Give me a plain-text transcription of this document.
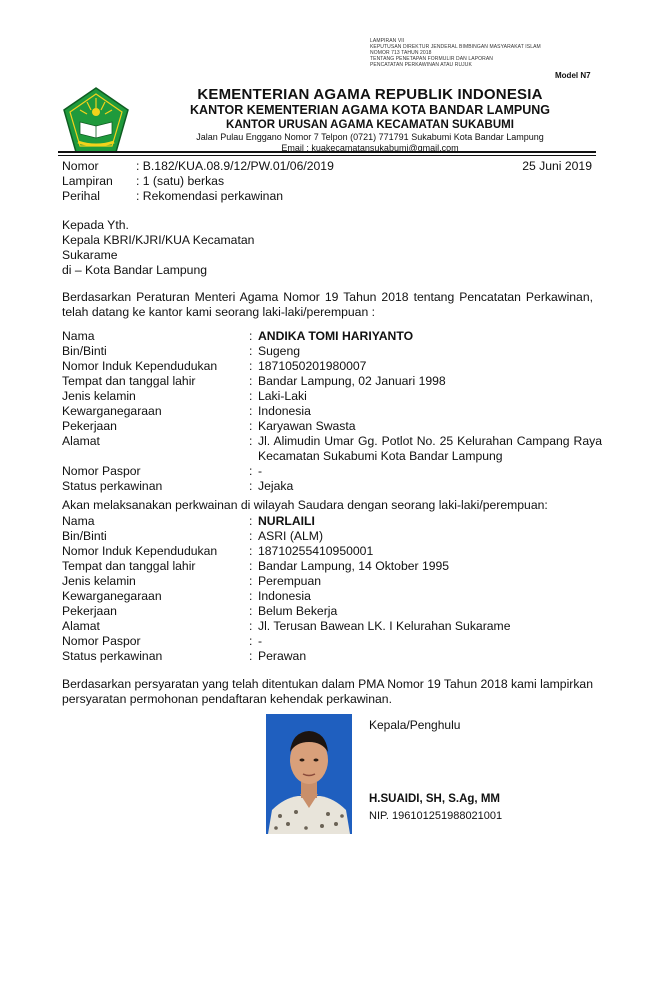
LAMPIRAN VII
KEPUTUSAN DIREKTUR JENDERAL BIMBINGAN MASYARAKAT ISLAM
NOMOR 713 TAHUN 2018
TENTANG PENETAPAN FORMULIR DAN LAPORAN
PENCATATAN PERKAWINAN ATAU RUJUK
Model N7
KEMENTERIAN AGAMA REPUBLIK INDONESIA
KANTOR KEMENTERIAN AGAMA KOTA BANDAR LAMPUNG
KANTOR URUSAN AGAMA KECAMATAN SUKABUMI
Jalan Pulau Enggano Nomor 7 Telpon (0721) 771791 Sukabumi Kota Bandar Lampung
Email : kuakecamatansukabumi@gmail.com
Nomor	: B.182/KUA.08.9/12/PW.01/06/2019	25 Juni 2019
Lampiran	: 1 (satu) berkas
Perihal	: Rekomendasi perkawinan
Kepada Yth.
Kepala KBRI/KJRI/KUA Kecamatan
Sukarame
di – Kota Bandar Lampung
Berdasarkan Peraturan Menteri Agama Nomor 19 Tahun 2018 tentang Pencatatan Perkawinan, telah datang ke kantor kami seorang laki-laki/perempuan :
Nama	: ANDIKA TOMI HARIYANTO
Bin/Binti	: Sugeng
Nomor Induk Kependudukan	: 1871050201980007
Tempat dan tanggal lahir	: Bandar Lampung, 02 Januari 1998
Jenis kelamin	: Laki-Laki
Kewarganegaraan	: Indonesia
Pekerjaan	: Karyawan Swasta
Alamat	: Jl. Alimudin Umar Gg. Potlot No. 25 Kelurahan Campang Raya Kecamatan Sukabumi Kota Bandar Lampung
Nomor Paspor	: -
Status perkawinan	: Jejaka
Akan melaksanakan perkwainan di wilayah Saudara dengan seorang laki-laki/perempuan:
Nama	: NURLAILI
Bin/Binti	: ASRI (ALM)
Nomor Induk Kependudukan	: 18710255410950001
Tempat dan tanggal lahir	: Bandar Lampung, 14 Oktober 1995
Jenis kelamin	: Perempuan
Kewarganegaraan	: Indonesia
Pekerjaan	: Belum Bekerja
Alamat	: Jl. Terusan Bawean LK. I Kelurahan Sukarame
Nomor Paspor	: -
Status perkawinan	: Perawan
Berdasarkan persyaratan yang telah ditentukan dalam PMA Nomor 19 Tahun 2018 kami lampirkan persyaratan permohonan pendaftaran kehendak perkawinan.
Kepala/Penghulu
H.SUAIDI, SH, S.Ag, MM
NIP. 196101251988021001
